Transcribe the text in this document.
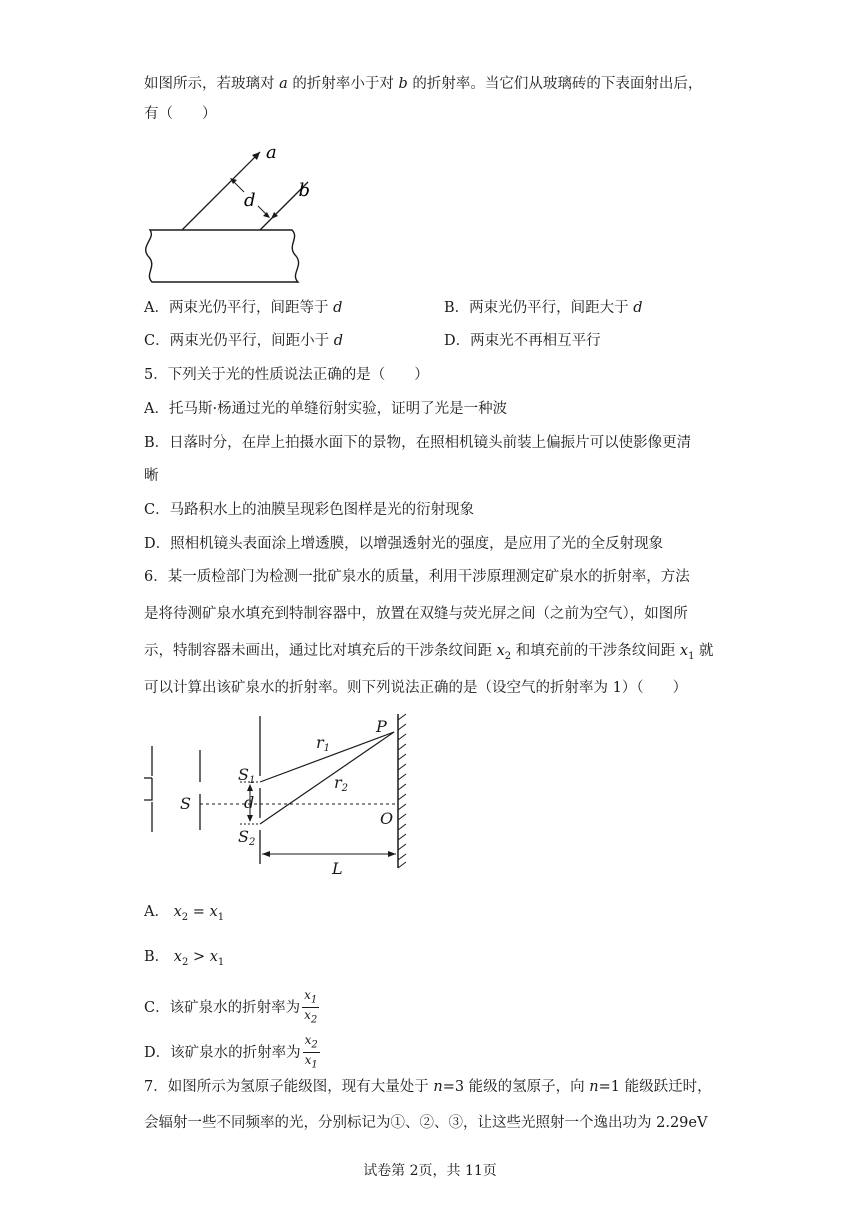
如图所示，若玻璃对 a 的折射率小于对 b 的折射率。当它们从玻璃砖的下表面射出后，
有（　　）
a
d b
A．两束光仍平行，间距等于 d	B．两束光仍平行，间距大于 d
C．两束光仍平行，间距小于 d	D．两束光不再相互平行
5．下列关于光的性质说法正确的是（　　）
A．托马斯·杨通过光的单缝衍射实验，证明了光是一种波
B．日落时分，在岸上拍摄水面下的景物，在照相机镜头前装上偏振片可以使影像更清
晰
C．马路积水上的油膜呈现彩色图样是光的衍射现象
D．照相机镜头表面涂上增透膜，以增强透射光的强度，是应用了光的全反射现象
6．某一质检部门为检测一批矿泉水的质量，利用干涉原理测定矿泉水的折射率，方法
是将待测矿泉水填充到特制容器中，放置在双缝与荧光屏之间（之前为空气），如图所
示，特制容器未画出，通过比对填充后的干涉条纹间距 $x_2$ 和填充前的干涉条纹间距 $x_1$ 就
可以计算出该矿泉水的折射率。则下列说法正确的是（设空气的折射率为 1）（　　）
P
r1
r2
S
S1
d
S2
O
L
A． $x_2 = x_1$
B． $x_2 > x_1$
C．该矿泉水的折射率为 $\frac{x_1}{x_2}$
D．该矿泉水的折射率为 $\frac{x_2}{x_1}$
7．如图所示为氢原子能级图，现有大量处于 n=3 能级的氢原子，向 n=1 能级跃迁时，
会辐射一些不同频率的光，分别标记为①、②、③，让这些光照射一个逸出功为 2.29eV
试卷第 2页，共 11页
